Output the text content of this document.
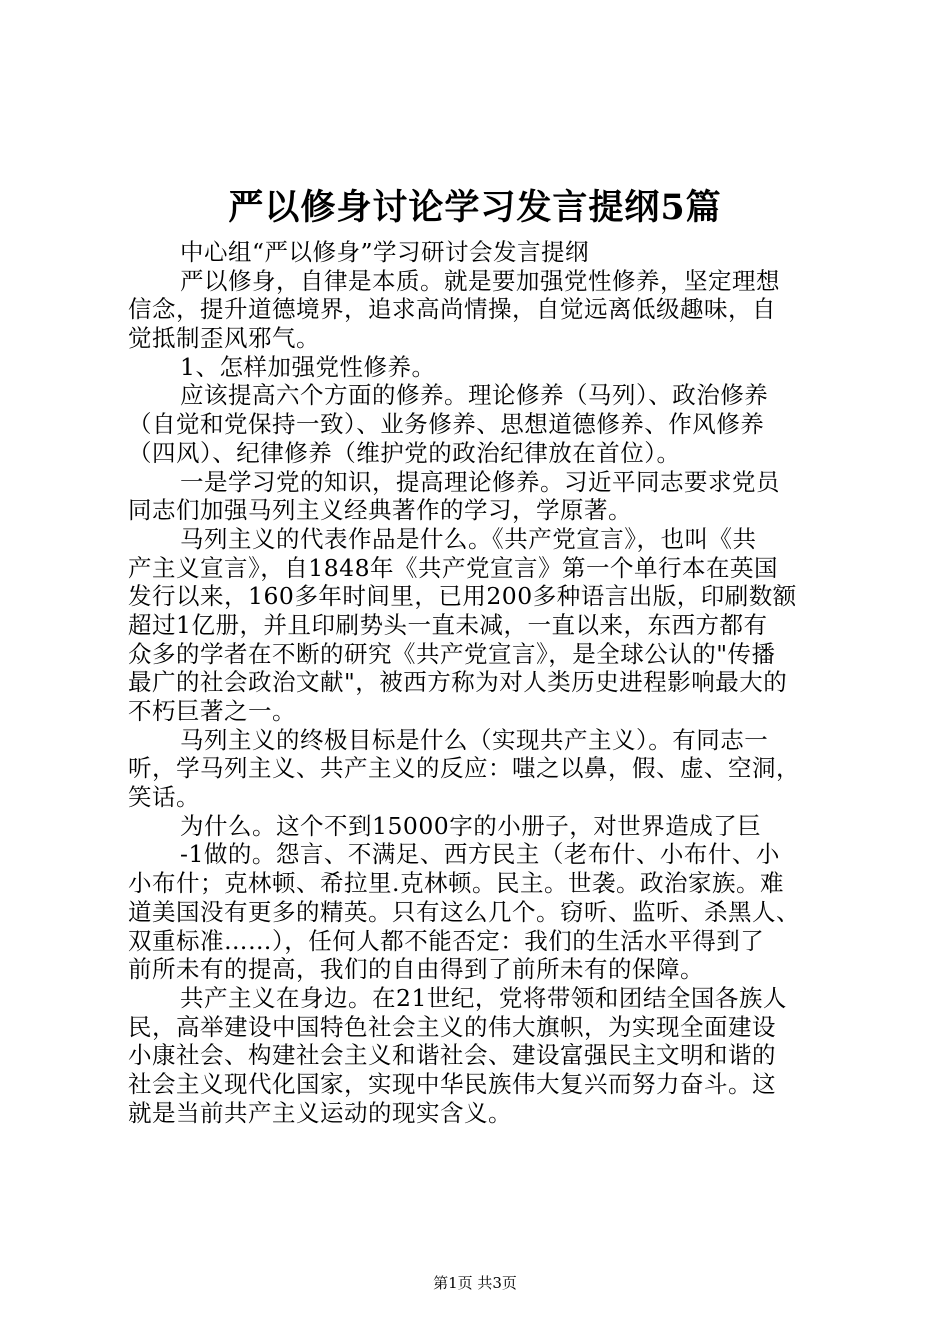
严以修身讨论学习发言提纲5篇
中心组“严以修身”学习研讨会发言提纲
严以修身，自律是本质。就是要加强党性修养，坚定理想
信念，提升道德境界，追求高尚情操，自觉远离低级趣味，自
觉抵制歪风邪气。
1、怎样加强党性修养。
应该提高六个方面的修养。理论修养（马列）、政治修养
（自觉和党保持一致）、业务修养、思想道德修养、作风修养
（四风）、纪律修养（维护党的政治纪律放在首位）。
一是学习党的知识，提高理论修养。习近平同志要求党员
同志们加强马列主义经典著作的学习，学原著。
马列主义的代表作品是什么。《共产党宣言》，也叫《共
产主义宣言》，自1848年《共产党宣言》第一个单行本在英国
发行以来，160多年时间里，已用200多种语言出版，印刷数额
超过1亿册，并且印刷势头一直未减，一直以来，东西方都有
众多的学者在不断的研究《共产党宣言》，是全球公认的"传播
最广的社会政治文献"，被西方称为对人类历史进程影响最大的
不朽巨著之一。
马列主义的终极目标是什么（实现共产主义）。有同志一
听，学马列主义、共产主义的反应：嗤之以鼻，假、虚、空洞，
笑话。
为什么。这个不到15000字的小册子，对世界造成了巨
-1做的。怨言、不满足、西方民主（老布什、小布什、小
小布什；克林顿、希拉里.克林顿。民主。世袭。政治家族。难
道美国没有更多的精英。只有这么几个。窃听、监听、杀黑人、
双重标准……），任何人都不能否定：我们的生活水平得到了
前所未有的提高，我们的自由得到了前所未有的保障。
共产主义在身边。在21世纪，党将带领和团结全国各族人
民，高举建设中国特色社会主义的伟大旗帜，为实现全面建设
小康社会、构建社会主义和谐社会、建设富强民主文明和谐的
社会主义现代化国家，实现中华民族伟大复兴而努力奋斗。这
就是当前共产主义运动的现实含义。
第1页 共3页
